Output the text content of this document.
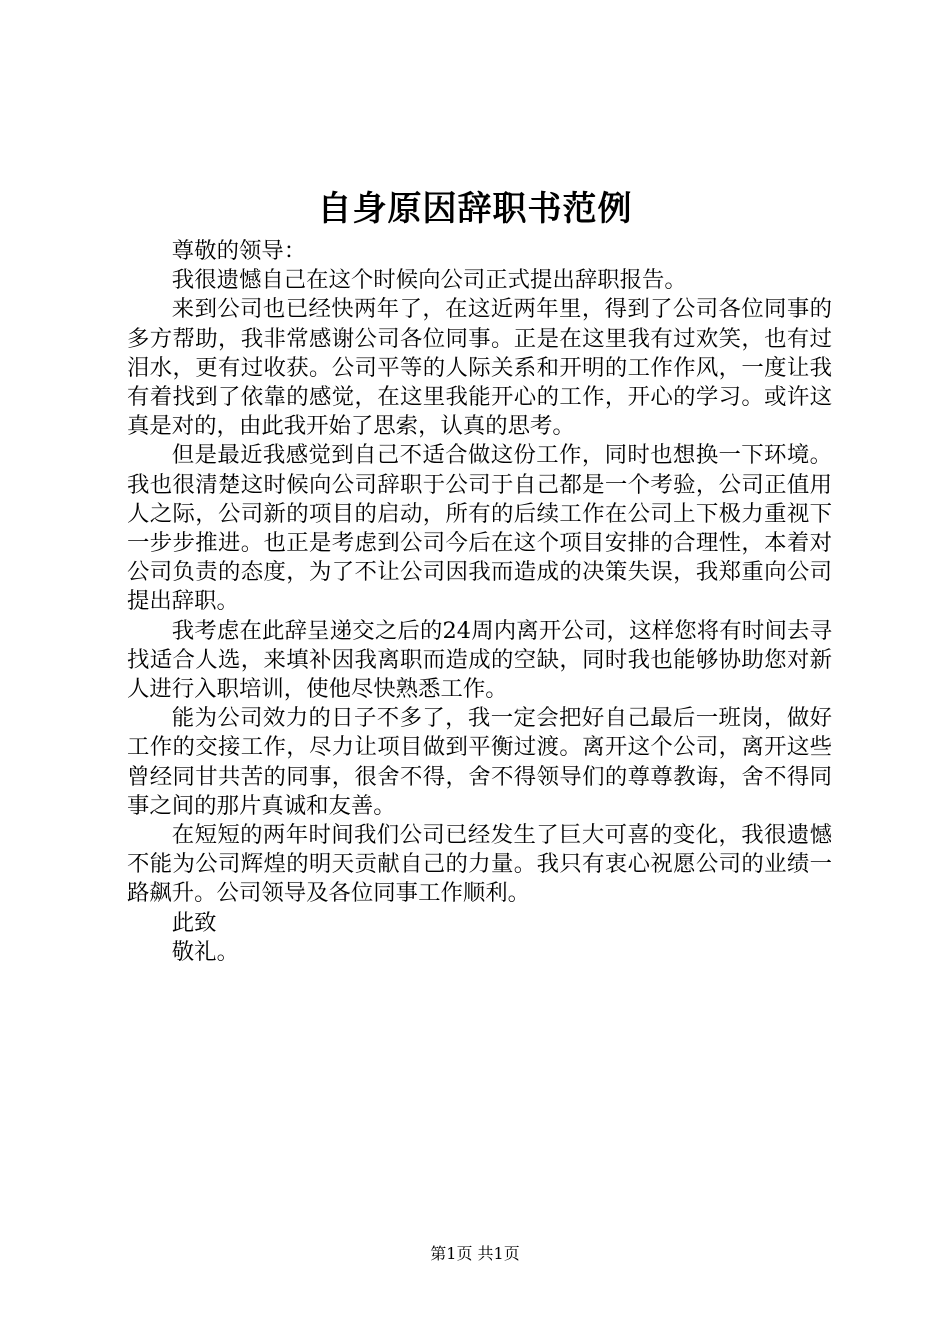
自身原因辞职书范例

尊敬的领导：

我很遗憾自己在这个时候向公司正式提出辞职报告。

来到公司也已经快两年了，在这近两年里，得到了公司各位同事的多方帮助，我非常感谢公司各位同事。正是在这里我有过欢笑，也有过泪水，更有过收获。公司平等的人际关系和开明的工作作风，一度让我有着找到了依靠的感觉，在这里我能开心的工作，开心的学习。或许这真是对的，由此我开始了思索，认真的思考。

但是最近我感觉到自己不适合做这份工作，同时也想换一下环境。我也很清楚这时候向公司辞职于公司于自己都是一个考验，公司正值用人之际，公司新的项目的启动，所有的后续工作在公司上下极力重视下一步步推进。也正是考虑到公司今后在这个项目安排的合理性，本着对公司负责的态度，为了不让公司因我而造成的决策失误，我郑重向公司提出辞职。

我考虑在此辞呈递交之后的24周内离开公司，这样您将有时间去寻找适合人选，来填补因我离职而造成的空缺，同时我也能够协助您对新人进行入职培训，使他尽快熟悉工作。

能为公司效力的日子不多了，我一定会把好自己最后一班岗，做好工作的交接工作，尽力让项目做到平衡过渡。离开这个公司，离开这些曾经同甘共苦的同事，很舍不得，舍不得领导们的尊尊教诲，舍不得同事之间的那片真诚和友善。

在短短的两年时间我们公司已经发生了巨大可喜的变化，我很遗憾不能为公司辉煌的明天贡献自己的力量。我只有衷心祝愿公司的业绩一路飙升。公司领导及各位同事工作顺利。

此致

敬礼。

第1页 共1页
